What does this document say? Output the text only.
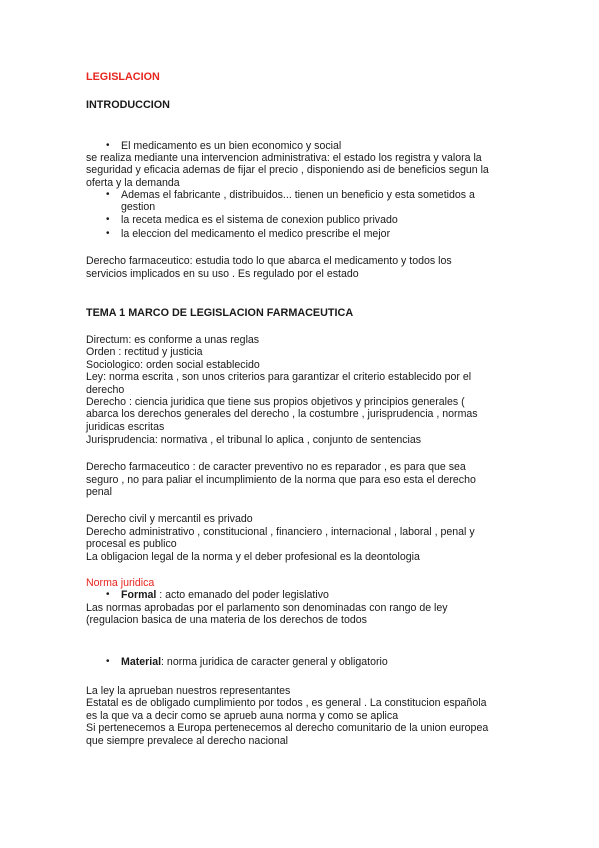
LEGISLACION
INTRODUCCION
• El medicamento es un bien economico y social
se realiza mediante una intervencion administrativa: el estado los registra y valora la
seguridad y eficacia ademas de fijar el precio , disponiendo asi de beneficios segun la
oferta y la demanda
• Ademas el fabricante , distribuidos... tienen un beneficio y esta sometidos a
gestion
• la receta medica es el sistema de conexion publico privado
• la eleccion del medicamento el medico prescribe el mejor
Derecho farmaceutico: estudia todo lo que abarca el medicamento y todos los
servicios implicados en su uso . Es regulado por el estado
TEMA 1 MARCO DE LEGISLACION FARMACEUTICA
Directum: es conforme a unas reglas
Orden : rectitud y justicia
Sociologico: orden social establecido
Ley: norma escrita , son unos criterios para garantizar el criterio establecido por el
derecho
Derecho : ciencia juridica que tiene sus propios objetivos y principios generales (
abarca los derechos generales del derecho , la costumbre , jurisprudencia , normas
juridicas escritas
Jurisprudencia: normativa , el tribunal lo aplica , conjunto de sentencias
Derecho farmaceutico : de caracter preventivo no es reparador , es para que sea
seguro , no para paliar el incumplimiento de la norma que para eso esta el derecho
penal
Derecho civil y mercantil es privado
Derecho administrativo , constitucional , financiero , internacional , laboral , penal y
procesal es publico
La obligacion legal de la norma y el deber profesional es la deontologia
Norma juridica
• Formal : acto emanado del poder legislativo
Las normas aprobadas por el parlamento son denominadas con rango de ley
(regulacion basica de una materia de los derechos de todos
• Material: norma juridica de caracter general y obligatorio
La ley la aprueban nuestros representantes
Estatal es de obligado cumplimiento por todos , es general . La constitucion española
es la que va a decir como se aprueb auna norma y como se aplica
Si pertenecemos a Europa pertenecemos al derecho comunitario de la union europea
que siempre prevalece al derecho nacional
